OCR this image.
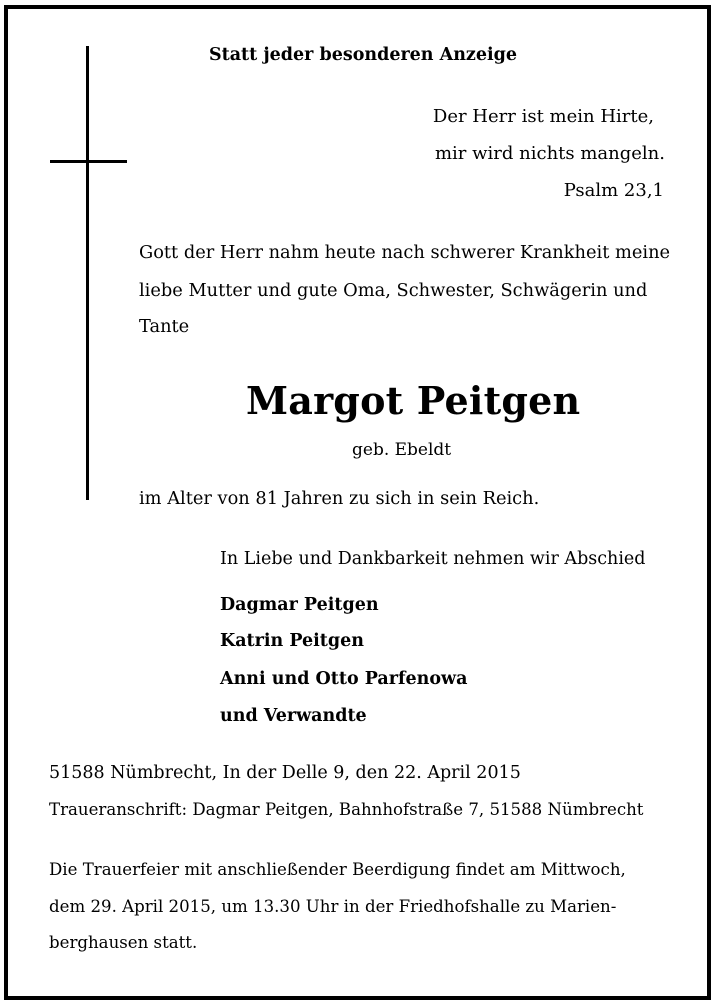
Statt jeder besonderen Anzeige
Der Herr ist mein Hirte,
mir wird nichts mangeln.
Psalm 23,1
Gott der Herr nahm heute nach schwerer Krankheit meine
liebe Mutter und gute Oma, Schwester, Schwägerin und
Tante
Margot Peitgen
geb. Ebeldt
im Alter von 81 Jahren zu sich in sein Reich.
In Liebe und Dankbarkeit nehmen wir Abschied
Dagmar Peitgen
Katrin Peitgen
Anni und Otto Parfenowa
und Verwandte
51588 Nümbrecht, In der Delle 9, den 22. April 2015
Traueranschrift: Dagmar Peitgen, Bahnhofstraße 7, 51588 Nümbrecht
Die Trauerfeier mit anschließender Beerdigung findet am Mittwoch,
dem 29. April 2015, um 13.30 Uhr in der Friedhofshalle zu Marien-
berghausen statt.
